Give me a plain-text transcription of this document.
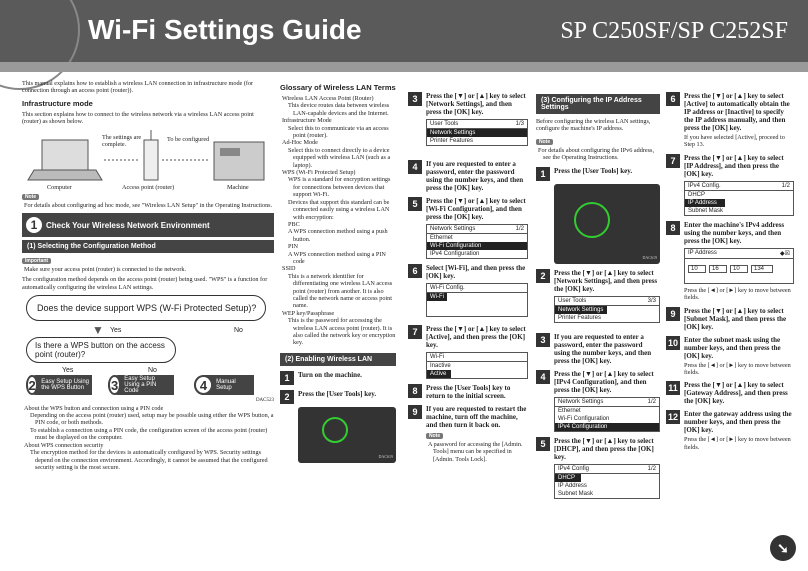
Wi-Fi Settings Guide	SP C250SF/SP C252SF
This manual explains how to establish a wireless LAN connection in infrastructure mode (for connection through an access point (router)).
Infrastructure mode
This section explains how to connect to the wireless network via a wireless LAN access point (router) as shown below.
The settings are complete.
To be configured
Computer	Access point (router)	Machine
Note
For details about configuring ad hoc mode, see "Wireless LAN Setup" in the Operating Instructions.
1	Check Your Wireless Network Environment
(1) Selecting the Configuration Method
Important
Make sure your access point (router) is connected to the network.
The configuration method depends on the access point (router) being used. "WPS" is a function for automatically configuring the wireless LAN settings.
Does the device support WPS (W-Fi Protected Setup)?
▼ Yes	No
Is there a WPS button on the access point (router)?
Yes	No
2 Easy Setup Using the WPS Button	3	Easy Setup Using a PIN Code	4	Manual Setup
DAC523
About the WPS button and connection using a PIN code
Depending on the access point (router) used, setup may be possible using either the WPS button, a PIN code, or both methods.
To establish a connection using a PIN code, the configuration screen of the access point (router) must be displayed on the computer.
About WPS connection security
The encryption method for the devices is automatically configured by WPS. Security settings depend on the connection environment. Accordingly, it cannot be assumed that the configured security setting is the most secure.
Glossary of Wireless LAN Terms
Wireless LAN Access Point (Router)
This device routes data between wireless LAN-capable devices and the Internet.
Infrastructure Mode
Select this to communicate via an access point (router).
Ad-Hoc Mode
Select this to connect directly to a device equipped with wireless LAN (such as a laptop).
WPS (Wi-Fi Protected Setup)
WPS is a standard for encryption settings for connections between devices that support Wi-Fi.
Devices that support this standard can be connected easily using a wireless LAN with encryption:
PBC
A WPS connection method using a push button.
PIN
A WPS connection method using a PIN code
SSID
This is a network identifier for differentiating one wireless LAN access point (router) from another. It is also called the network name or access point name.
WEP key/Passphrase
This is the password for accessing the wireless LAN access point (router). It is also called the network key or encryption key.
(2) Enabling Wireless LAN
1	Turn on the machine.
2	Press the [User Tools] key.
DAC619
3	Press the [▼] or [▲] key to select [Network Settings], and then press the [OK] key.
User Tools	1/3
Network Settings
Printer Features
4	If you are requested to enter a password, enter the password using the number keys, and then press the [OK] key.
5	Press the [▼] or [▲] key to select [Wi-Fi Configuration], and then press the [OK] key.
Network Settings	1/2
Ethernet
Wi-Fi Configuration
IPv4 Configuration
6	Select [Wi-Fi], and then press the [OK] key.
Wi-Fi Config.
Wi-Fi
7	Press the [▼] or [▲] key to select [Active], and then press the [OK] key.
Wi-Fi
Inactive
Active
8	Press the [User Tools] key to return to the initial screen.
9	If you are requested to restart the machine, turn off the machine, and then turn it back on.
Note
A password for accessing the [Admin. Tools] menu can be specified in [Admin. Tools Lock].
(3) Configuring the IP Address Settings
Before configuring the wireless LAN settings, configure the machine's IP address.
Note
For details about configuring the IPv6 address, see the Operating Instructions.
1	Press the [User Tools] key.
DAC619
2	Press the [▼] or [▲] key to select [Network Settings], and then press the [OK] key.
User Tools	3/3
Network Settings
Printer Features
3	If you are requested to enter a password, enter the password using the number keys, and then press the [OK] key.
4	Press the [▼] or [▲] key to select [IPv4 Configuration], and then press the [OK] key.
Network Settings	1/2
Ethernet
Wi-Fi Configuration
IPv4 Configuration
5	Press the [▼] or [▲] key to select [DHCP], and then press the [OK] key.
IPv4 Config	1/2
DHCP
IP Address
Subnet Mask
6	Press the [▼] or [▲] key to select [Active] to automatically obtain the IP address or [Inactive] to specify the IP address manually, and then press the [OK] key.
If you have selected [Active], proceed to Step 13.
7	Press the [▼] or [▲] key to select [IP Address], and then press the [OK] key.
IPv4 Config.	1/2
DHCP
IP Address
Subnet Mask
8	Enter the machine's IPv4 address using the number keys, and then press the [OK] key.
IP Address	◆☒
10	16	10	134
Press the [◄] or [►] key to move between fields.
9	Press the [▼] or [▲] key to select [Subnet Mask], and then press the [OK] key.
10 Enter the subnet mask using the number keys, and then press the [OK] key.
Press the [◄] or [►] key to move between fields.
11 Press the [▼] or [▲] key to select [Gateway Address], and then press the [OK] key.
12 Enter the gateway address using the number keys, and then press the [OK] key.
Press the [◄] or [►] key to move between fields.
➘
